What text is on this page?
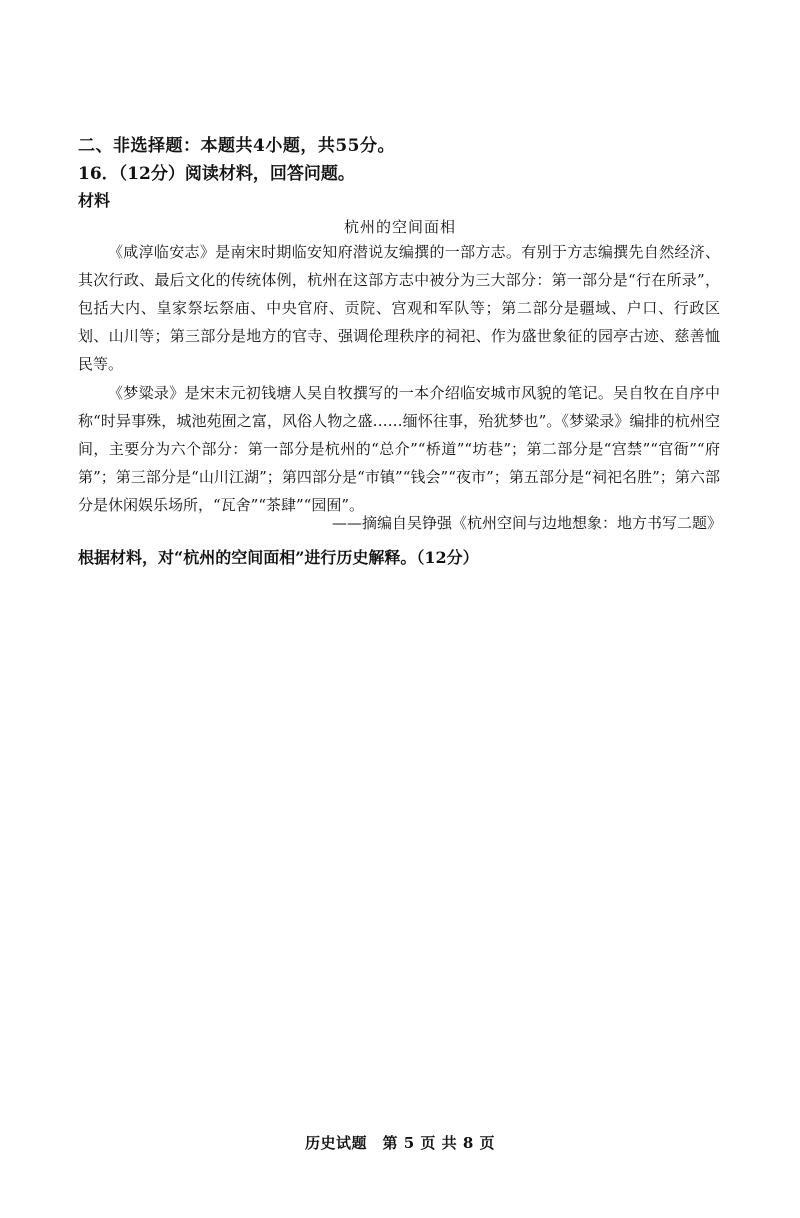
二、非选择题：本题共4小题，共55分。
16．（12分）阅读材料，回答问题。
材料
杭州的空间面相
《咸淳临安志》是南宋时期临安知府潜说友编撰的一部方志。有别于方志编撰先自然经济、其次行政、最后文化的传统体例，杭州在这部方志中被分为三大部分：第一部分是“行在所录”，包括大内、皇家祭坛祭庙、中央官府、贡院、宫观和军队等；第二部分是疆域、户口、行政区划、山川等；第三部分是地方的官寺、强调伦理秩序的祠祀、作为盛世象征的园亭古迹、慈善恤民等。
《梦粱录》是宋末元初钱塘人吴自牧撰写的一本介绍临安城市风貌的笔记。吴自牧在自序中称“时异事殊，城池苑囿之富，风俗人物之盛……缅怀往事，殆犹梦也”。《梦粱录》编排的杭州空间，主要分为六个部分：第一部分是杭州的“总介”“桥道”“坊巷”；第二部分是“宫禁”“官衙”“府第”；第三部分是“山川江湖”；第四部分是“市镇”“钱会”“夜市”；第五部分是“祠祀名胜”；第六部分是休闲娱乐场所，“瓦舍”“茶肆”“园囿”。
——摘编自吴铮强《杭州空间与边地想象：地方书写二题》
根据材料，对“杭州的空间面相”进行历史解释。（12分）
历史试题　第 5 页 共 8 页
